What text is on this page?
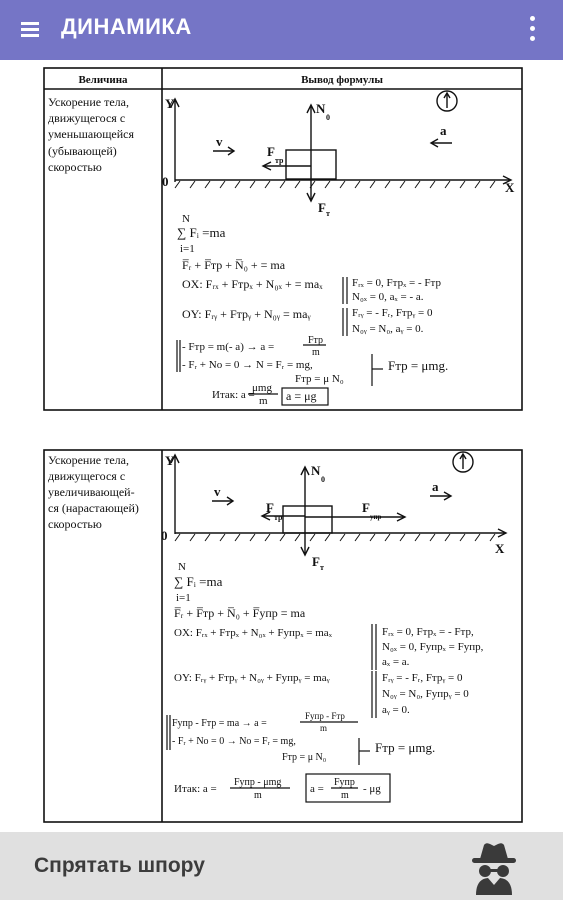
ДИНАМИКА
Величина	Вывод формулы
Ускорение тела,
движущегося с
уменьшающейся
(убывающей)
скоростью
Y
X
0
N
0
F
тр
F т
v
a
N
∑ Fᵢ =ma
i=1
F̅ᵣ + F̅тр + N̅₀ + = ma
OX: Fᵣₓ + Fтрₓ + N₀ₓ + = maₓ	Fᵣₓ = 0, Fтрₓ = - Fтр
N₀ₓ = 0, aₓ = - a.
OY: Fᵣᵧ + Fтрᵧ + N₀ᵧ = maᵧ	Fᵣᵧ = - Fᵣ, Fтрᵧ = 0
N₀ᵧ = N₀, aᵧ = 0.
- Fтр = m(- a) → a =
Fтр
m
- Fᵣ + No = 0 → N = Fᵣ = mg,
Fтр = μ N₀
Fтр = μmg.
Итак: a =
μmg
m a = μg
Ускорение тела,
движущегося с
увеличивающей-
ся (нарастающей)
скоростью
Y
X
0
N
0
F
тр
F т
F
упр
v	a
N
∑ Fᵢ =ma
i=1
F̅ᵣ + F̅тр + N̅₀ + F̅упр = ma
OX: Fᵣₓ + Fтрₓ + N₀ₓ + Fупрₓ = maₓ	Fᵣₓ = 0, Fтрₓ = - Fтр,
N₀ₓ = 0, Fупрₓ = Fупр,
aₓ = a.
OY: Fᵣᵧ + Fтрᵧ + N₀ᵧ + Fупрᵧ = maᵧ	Fᵣᵧ = - Fᵣ, Fтрᵧ = 0
N₀ᵧ = N₀, Fупрᵧ = 0
aᵧ = 0.
Fупр - Fтр = ma → a =
Fупр - Fтр
m
- Fᵣ + No = 0 → No = Fᵣ = mg,
Fтр = μ N₀
Fтр = μmg.
Итак: a =
Fупр - μmg
m
a =
Fупр
m
- μg
Спрятать шпору
